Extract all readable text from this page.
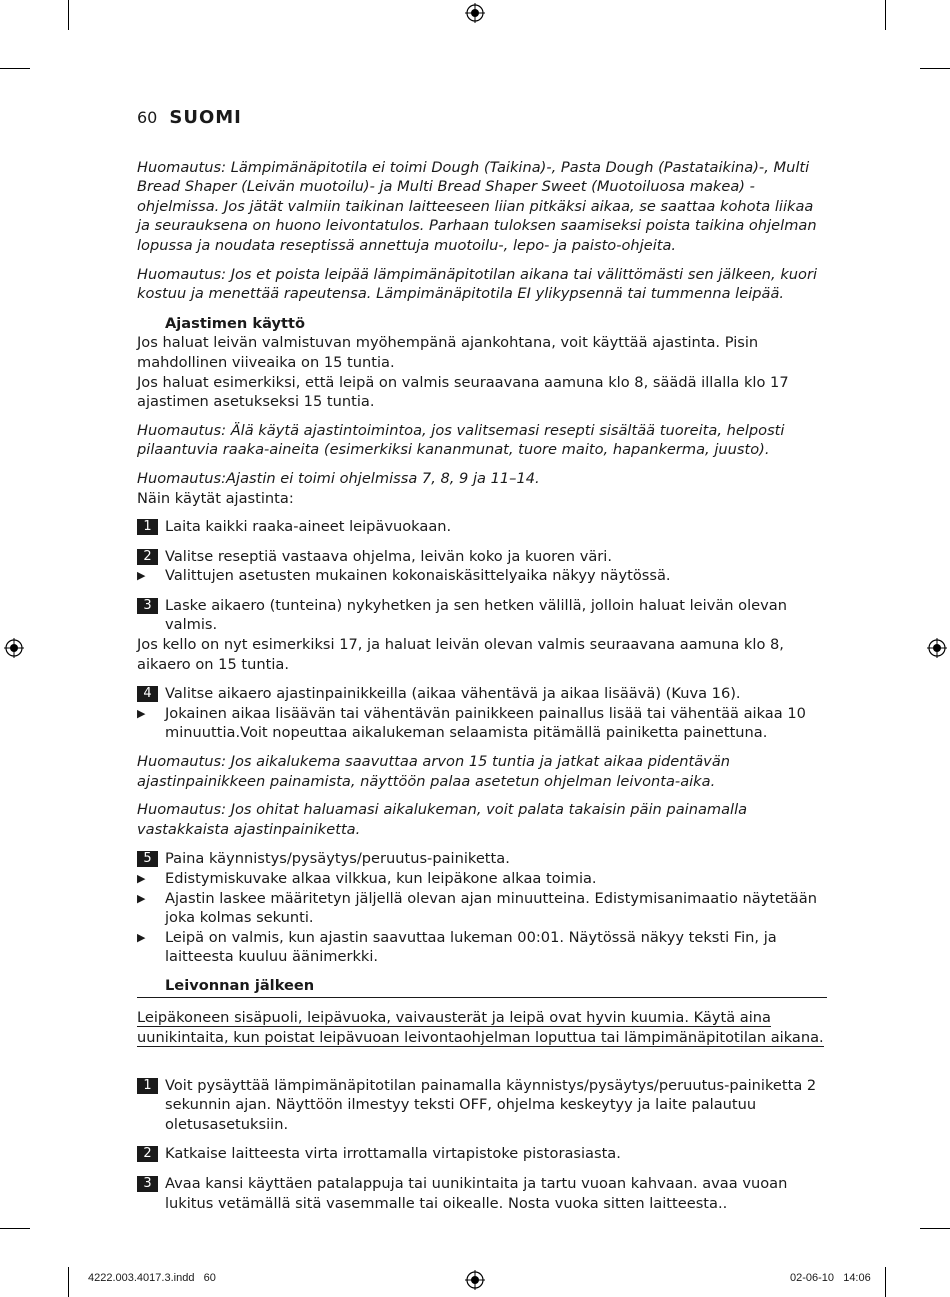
60 SUOMI

Huomautus: Lämpimänäpitotila ei toimi Dough (Taikina)-, Pasta Dough (Pastataikina)-, Multi Bread Shaper (Leivän muotoilu)- ja Multi Bread Shaper Sweet (Muotoiluosa makea) -ohjelmissa. Jos jätät valmiin taikinan laitteeseen liian pitkäksi aikaa, se saattaa kohota liikaa ja seurauksena on huono leivontatulos. Parhaan tuloksen saamiseksi poista taikina ohjelman lopussa ja noudata reseptissä annettuja muotoilu-, lepo- ja paisto-ohjeita.

Huomautus: Jos et poista leipää lämpimänäpitotilan aikana tai välittömästi sen jälkeen, kuori kostuu ja menettää rapeutensa. Lämpimänäpitotila EI ylikypsennä tai tummenna leipää.

Ajastimen käyttö

Jos haluat leivän valmistuvan myöhempänä ajankohtana, voit käyttää ajastinta. Pisin mahdollinen viiveaika on 15 tuntia.

Jos haluat esimerkiksi, että leipä on valmis seuraavana aamuna klo 8, säädä illalla klo 17 ajastimen asetukseksi 15 tuntia.

Huomautus: Älä käytä ajastintoimintoa, jos valitsemasi resepti sisältää tuoreita, helposti pilaantuvia raaka-aineita (esimerkiksi kananmunat, tuore maito, hapankerma, juusto).

Huomautus:Ajastin ei toimi ohjelmissa 7, 8, 9 ja 11–14.

Näin käytät ajastinta:

1 Laita kaikki raaka-aineet leipävuokaan.
2 Valitse reseptiä vastaava ohjelma, leivän koko ja kuoren väri.
▶	Valittujen asetusten mukainen kokonaiskäsittelyaika näkyy näytössä.
3 Laske aikaero (tunteina) nykyhetken ja sen hetken välillä, jolloin haluat leivän olevan valmis.

Jos kello on nyt esimerkiksi 17, ja haluat leivän olevan valmis seuraavana aamuna klo 8, aikaero on 15 tuntia.

4 Valitse aikaero ajastinpainikkeilla (aikaa vähentävä ja aikaa lisäävä) (Kuva 16).
▶	Jokainen aikaa lisäävän tai vähentävän painikkeen painallus lisää tai vähentää aikaa 10 minuuttia.Voit nopeuttaa aikalukeman selaamista pitämällä painiketta painettuna.

Huomautus: Jos aikalukema saavuttaa arvon 15 tuntia ja jatkat aikaa pidentävän ajastinpainikkeen painamista, näyttöön palaa asetetun ohjelman leivonta-aika.

Huomautus: Jos ohitat haluamasi aikalukeman, voit palata takaisin päin painamalla vastakkaista ajastinpainiketta.

5 Paina käynnistys/pysäytys/peruutus-painiketta.
▶	Edistymiskuvake alkaa vilkkua, kun leipäkone alkaa toimia.
▶	Ajastin laskee määritetyn jäljellä olevan ajan minuutteina. Edistymisanimaatio näytetään joka kolmas sekunti.
▶	Leipä on valmis, kun ajastin saavuttaa lukeman 00:01. Näytössä näkyy teksti Fin, ja laitteesta kuuluu äänimerkki.

Leivonnan jälkeen

Leipäkoneen sisäpuoli, leipävuoka, vaivausterät ja leipä ovat hyvin kuumia. Käytä aina uunikintaita, kun poistat leipävuoan leivontaohjelman loputtua tai lämpimänäpitotilan aikana.
1 Voit pysäyttää lämpimänäpitotilan painamalla käynnistys/pysäytys/peruutus-painiketta 2 sekunnin ajan. Näyttöön ilmestyy teksti OFF, ohjelma keskeytyy ja laite palautuu oletusasetuksiin.
2 Katkaise laitteesta virta irrottamalla virtapistoke pistorasiasta.
3 Avaa kansi käyttäen patalappuja tai uunikintaita ja tartu vuoan kahvaan. avaa vuoan lukitus vetämällä sitä vasemmalle tai oikealle. Nosta vuoka sitten laitteesta..
4222.003.4017.3.indd   60	02-06-10   14:06
